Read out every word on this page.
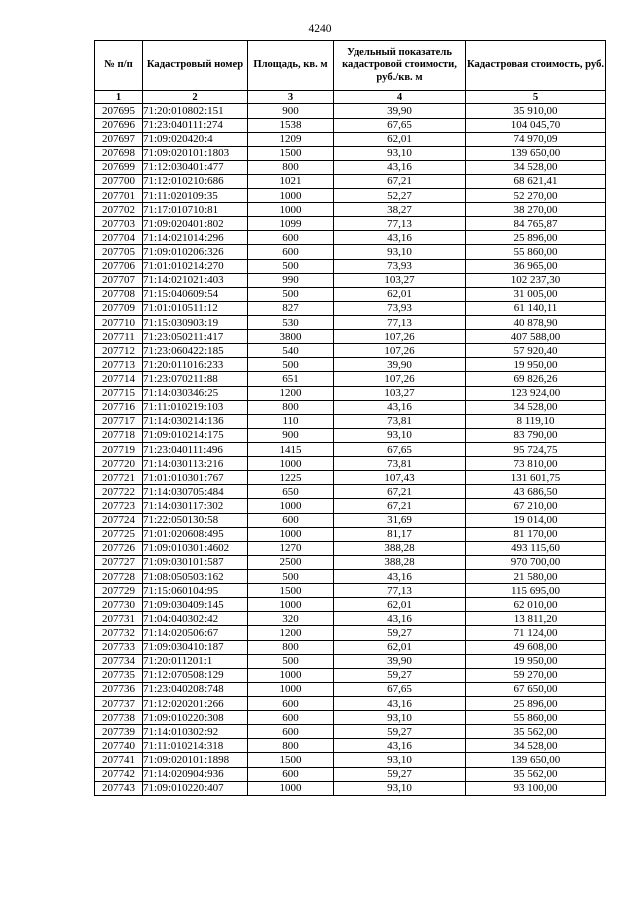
4240
№ п/п	Кадастровый номер	Площадь, кв. м	Удельный показатель кадастровой стоимости, руб./кв. м	Кадастровая стоимость, руб.
1	2	3	4	5
207695	71:20:010802:151	900	39,90	35 910,00
207696	71:23:040111:274	1538	67,65	104 045,70
207697	71:09:020420:4	1209	62,01	74 970,09
207698	71:09:020101:1803	1500	93,10	139 650,00
207699	71:12:030401:477	800	43,16	34 528,00
207700	71:12:010210:686	1021	67,21	68 621,41
207701	71:11:020109:35	1000	52,27	52 270,00
207702	71:17:010710:81	1000	38,27	38 270,00
207703	71:09:020401:802	1099	77,13	84 765,87
207704	71:14:021014:296	600	43,16	25 896,00
207705	71:09:010206:326	600	93,10	55 860,00
207706	71:01:010214:270	500	73,93	36 965,00
207707	71:14:021021:403	990	103,27	102 237,30
207708	71:15:040609:54	500	62,01	31 005,00
207709	71:01:010511:12	827	73,93	61 140,11
207710	71:15:030903:19	530	77,13	40 878,90
207711	71:23:050211:417	3800	107,26	407 588,00
207712	71:23:060422:185	540	107,26	57 920,40
207713	71:20:011016:233	500	39,90	19 950,00
207714	71:23:070211:88	651	107,26	69 826,26
207715	71:14:030346:25	1200	103,27	123 924,00
207716	71:11:010219:103	800	43,16	34 528,00
207717	71:14:030214:136	110	73,81	8 119,10
207718	71:09:010214:175	900	93,10	83 790,00
207719	71:23:040111:496	1415	67,65	95 724,75
207720	71:14:030113:216	1000	73,81	73 810,00
207721	71:01:010301:767	1225	107,43	131 601,75
207722	71:14:030705:484	650	67,21	43 686,50
207723	71:14:030117:302	1000	67,21	67 210,00
207724	71:22:050130:58	600	31,69	19 014,00
207725	71:01:020608:495	1000	81,17	81 170,00
207726	71:09:010301:4602	1270	388,28	493 115,60
207727	71:09:030101:587	2500	388,28	970 700,00
207728	71:08:050503:162	500	43,16	21 580,00
207729	71:15:060104:95	1500	77,13	115 695,00
207730	71:09:030409:145	1000	62,01	62 010,00
207731	71:04:040302:42	320	43,16	13 811,20
207732	71:14:020506:67	1200	59,27	71 124,00
207733	71:09:030410:187	800	62,01	49 608,00
207734	71:20:011201:1	500	39,90	19 950,00
207735	71:12:070508:129	1000	59,27	59 270,00
207736	71:23:040208:748	1000	67,65	67 650,00
207737	71:12:020201:266	600	43,16	25 896,00
207738	71:09:010220:308	600	93,10	55 860,00
207739	71:14:010302:92	600	59,27	35 562,00
207740	71:11:010214:318	800	43,16	34 528,00
207741	71:09:020101:1898	1500	93,10	139 650,00
207742	71:14:020904:936	600	59,27	35 562,00
207743	71:09:010220:407	1000	93,10	93 100,00
